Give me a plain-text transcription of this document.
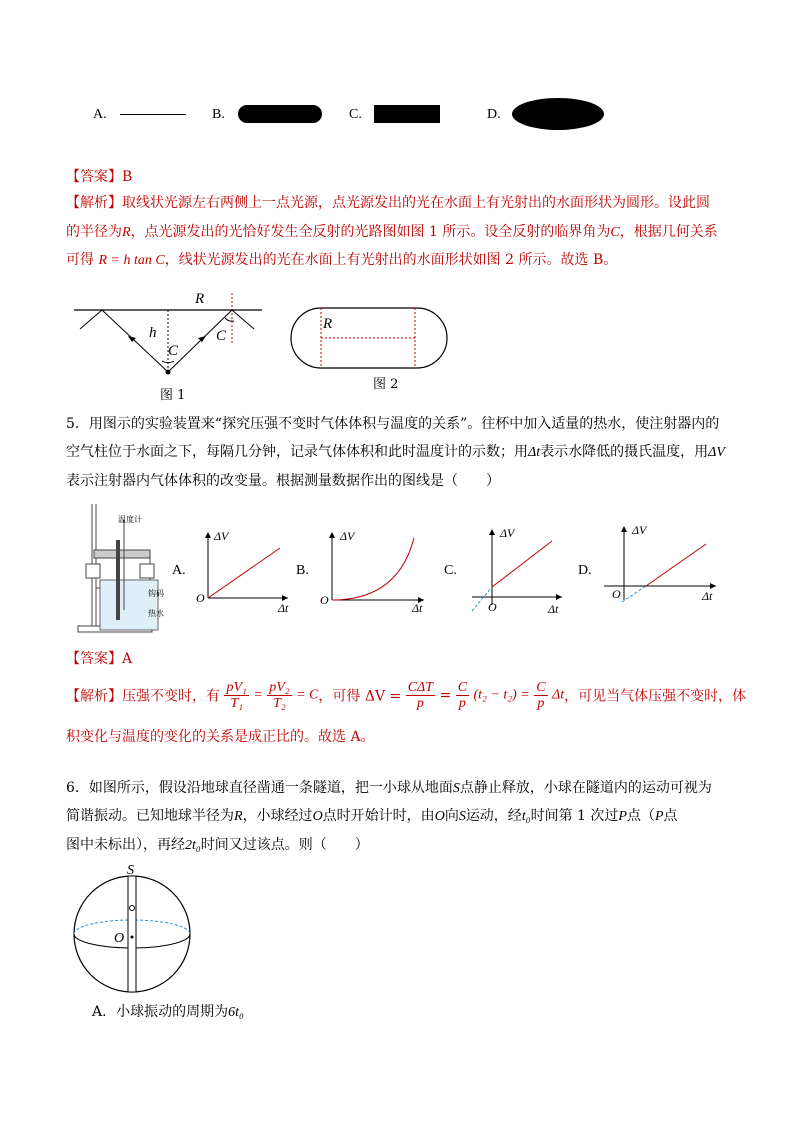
A.	B.	C.	D.
【答案】B
【解析】取线状光源左右两侧上一点光源，点光源发出的光在水面上有光射出的水面形状为圆形。设此圆
的半径为R，点光源发出的光恰好发生全反射的光路图如图 1 所示。设全反射的临界角为C，根据几何关系
可得 R = h tan C，线状光源发出的光在水面上有光射出的水面形状如图 2 所示。故选 B。
R
h
C
C
图 1
R
图 2
5．用图示的实验装置来“探究压强不变时气体体积与温度的关系”。往杯中加入适量的热水，使注射器内的
空气柱位于水面之下，每隔几分钟，记录气体体积和此时温度计的示数；用Δt表示水降低的摄氏温度，用ΔV
表示注射器内气体体积的改变量。根据测量数据作出的图线是（　　）
温度计
钩码
热水
A.
ΔV
Δt
O
B.
ΔV
Δt
O
C.
ΔV
Δt
O
D.
ΔV
Δt
O
【答案】A
【解析】压强不变时，有 $\frac{\text{pV₁}}{\text{T₁}} = \frac{\text{pV₂}}{\text{T₂}} = C$，可得 $\Delta V = \frac{\text{CΔT}}{p} = \frac{C}{p} (t_2 - t_2) = \frac{C}{p}$ Δt，可见当气体压强不变时，体
积变化与温度的变化的关系是成正比的。故选 A。
6．如图所示，假设沿地球直径凿通一条隧道，把一小球从地面S点静止释放，小球在隧道内的运动可视为
简谐振动。已知地球半径为R，小球经过O点时开始计时，由O向S运动，经t₀时间第 1 次过P点（P点
图中未标出），再经2t₀时间又过该点。则（　　）
S
O
A．小球振动的周期为6t₀
